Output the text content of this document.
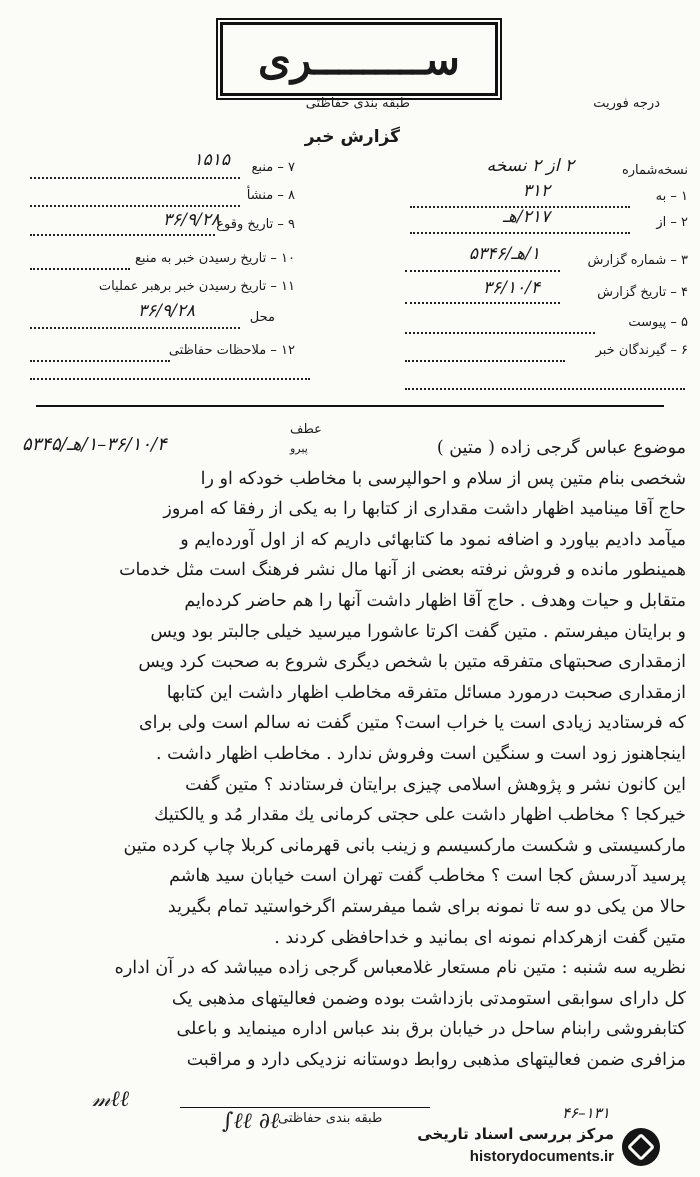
ســـــــــری
درجه فوریت
طبقه بندی حفاظتی
گزارش خبر
نسخه‌شماره
۲ از ۲ نسخه
۱ – به
۳۱۲
۲ – از
۲۱۷/هـ
۳ – شماره گزارش
۱/هـ/۵۳۴۶
۴ – تاریخ گزارش
۳۶/۱۰/۴
۵ – پیوست
۶ – گیرندگان خبر
۷ – منبع
۱۵۱۵
۸ – منشأ
۹ – تاریخ وقوع
۳۶/۹/۲۸
۱۰ – تاریخ رسیدن خبر به منبع
۱۱ – تاریخ رسیدن خبر برهبر عملیات
محل
۳۶/۹/۲۸
۱۲ – ملاحظات حفاظتی
عطف
پیرو
۳۶/۱۰/۴–۱/هـ/۵۳۴۵	موضوع عباس گرجی زاده ( متین )
شخصی بنام متین پس از سلام و احوالپرسی با مخاطب خودکه او را
حاج آقا مینامید اظهار داشت مقداری از کتابها را به یکی از رفقا که امروز
میآمد دادیم بیاورد و اضافه نمود ما کتابهائی داریم که از اول آورده‌ایم و
همینطور مانده و فروش نرفته بعضی از آنها مال نشر فرهنگ است مثل خدمات
متقابل و حیات وهدف . حاج آقا اظهار داشت آنها را هم حاضر کرده‌ایم
و برایتان میفرستم . متین گفت اکرتا عاشورا میرسید خیلی جالبتر بود ویس
ازمقداری صحبتهای متفرقه متین با شخص دیگری شروع به صحبت کرد ویس
ازمقداری صحبت درمورد مسائل متفرقه مخاطب اظهار داشت این کتابها
که فرستادید زیادی است یا خراب است؟ متین گفت نه سالم است ولی برای
اینجاهنوز زود است و سنگین است وفروش ندارد . مخاطب اظهار داشت .
این کانون نشر و پژوهش اسلامی چیزی برایتان فرستادند ؟ متین گفت
خیرکجا ؟ مخاطب اظهار داشت علی حجتی کرمانی یك مقدار مُد و یالکتیك
مارکسیستی و شکست مارکسیسم و زینب بانی قهرمانی کربلا چاپ کرده متین
پرسید آدرسش کجا است ؟ مخاطب گفت تهران است خیابان سید هاشم
حالا من یکی دو سه تا نمونه برای شما میفرستم اگرخواستید تمام بگیرید
متین گفت ازهرکدام نمونه ای بمانید و خداحافظی کردند .
نظریه سه شنبه : متین نام مستعار غلامعباس گرجی زاده میباشد که در آن اداره
کل دارای سوابقی استومدتی بازداشت بوده وضمن فعالیتهای مذهبی یک
کتابفروشی رابنام ساحل در خیابان برق بند عباس اداره مینماید و باعلی
مزافری ضمن فعالیتهای مذهبی روابط دوستانه نزدیکی دارد و مراقبت
𝓂ℓℓ
∫ℓℓ ∂ℓ
طبقه بندی حفاظتی	۴۶–۱۳۱
مرکز بررسی اسناد تاریخی
historydocuments.ir
